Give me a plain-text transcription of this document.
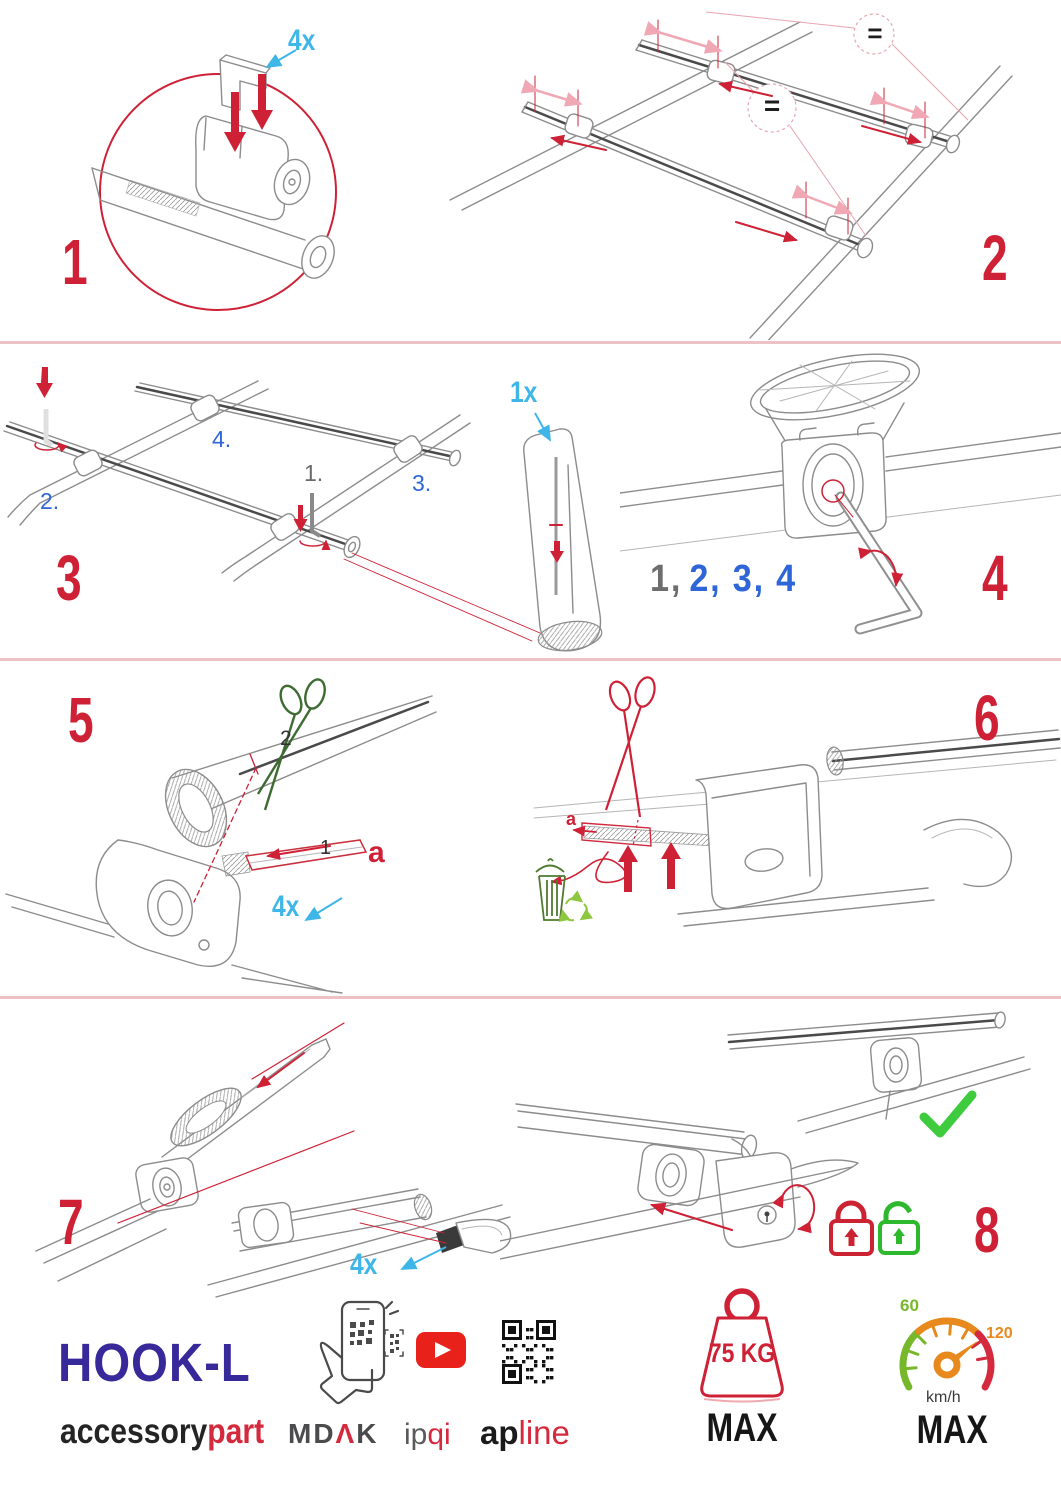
1
4x
2
=
=
3
1.
2.
3.
4.
1x
4
1, 2, 3, 4
5	2
1 a
4x
6
a
7
4x	8
HOOK-L
accessorypart MDΛK ipqi apline
75 KG
MAX
60
120
km/h
MAX
